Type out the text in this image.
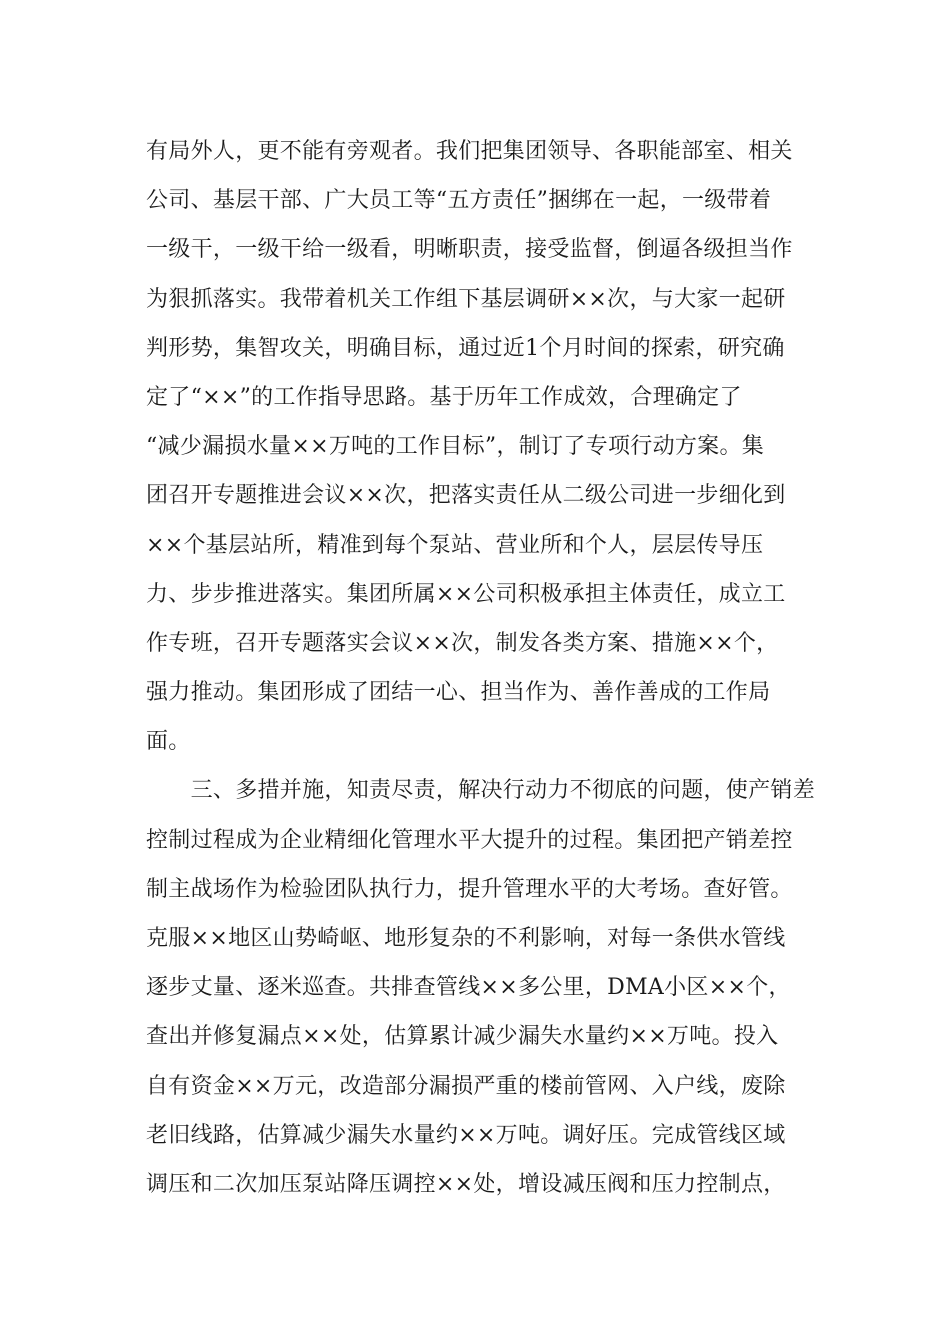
有局外人，更不能有旁观者。我们把集团领导、各职能部室、相关
公司、基层干部、广大员工等“五方责任”捆绑在一起，一级带着
一级干，一级干给一级看，明晰职责，接受监督，倒逼各级担当作
为狠抓落实。我带着机关工作组下基层调研××次，与大家一起研
判形势，集智攻关，明确目标，通过近1个月时间的探索，研究确
定了“××”的工作指导思路。基于历年工作成效，合理确定了
“减少漏损水量××万吨的工作目标”，制订了专项行动方案。集
团召开专题推进会议××次，把落实责任从二级公司进一步细化到
××个基层站所，精准到每个泵站、营业所和个人，层层传导压
力、步步推进落实。集团所属××公司积极承担主体责任，成立工
作专班，召开专题落实会议××次，制发各类方案、措施××个，
强力推动。集团形成了团结一心、担当作为、善作善成的工作局
面。
　　三、多措并施，知责尽责，解决行动力不彻底的问题，使产销差
控制过程成为企业精细化管理水平大提升的过程。集团把产销差控
制主战场作为检验团队执行力，提升管理水平的大考场。查好管。
克服××地区山势崎岖、地形复杂的不利影响，对每一条供水管线
逐步丈量、逐米巡查。共排查管线××多公里，DMA小区××个，
查出并修复漏点××处，估算累计减少漏失水量约××万吨。投入
自有资金××万元，改造部分漏损严重的楼前管网、入户线，废除
老旧线路，估算减少漏失水量约××万吨。调好压。完成管线区域
调压和二次加压泵站降压调控××处，增设减压阀和压力控制点，
